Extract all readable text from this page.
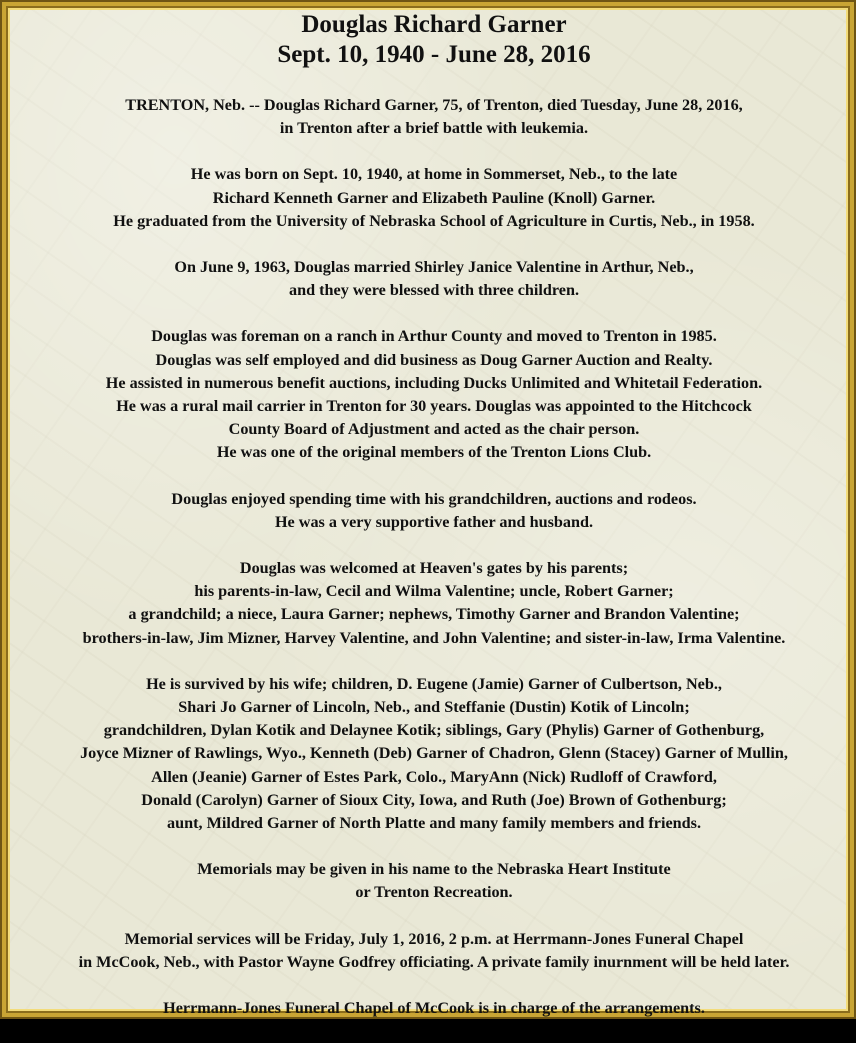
Douglas Richard Garner
Sept. 10, 1940 - June 28, 2016
TRENTON, Neb. -- Douglas Richard Garner, 75, of Trenton, died Tuesday, June 28, 2016,
in Trenton after a brief battle with leukemia.
He was born on Sept. 10, 1940, at home in Sommerset, Neb., to the late
Richard Kenneth Garner and Elizabeth Pauline (Knoll) Garner.
He graduated from the University of Nebraska School of Agriculture in Curtis, Neb., in 1958.
On June 9, 1963, Douglas married Shirley Janice Valentine in Arthur, Neb.,
and they were blessed with three children.
Douglas was foreman on a ranch in Arthur County and moved to Trenton in 1985.
Douglas was self employed and did business as Doug Garner Auction and Realty.
He assisted in numerous benefit auctions, including Ducks Unlimited and Whitetail Federation.
He was a rural mail carrier in Trenton for 30 years. Douglas was appointed to the Hitchcock
County Board of Adjustment and acted as the chair person.
He was one of the original members of the Trenton Lions Club.
Douglas enjoyed spending time with his grandchildren, auctions and rodeos.
He was a very supportive father and husband.
Douglas was welcomed at Heaven's gates by his parents;
his parents-in-law, Cecil and Wilma Valentine; uncle, Robert Garner;
a grandchild; a niece, Laura Garner; nephews, Timothy Garner and Brandon Valentine;
brothers-in-law, Jim Mizner, Harvey Valentine, and John Valentine; and sister-in-law, Irma Valentine.
He is survived by his wife; children, D. Eugene (Jamie) Garner of Culbertson, Neb.,
Shari Jo Garner of Lincoln, Neb., and Steffanie (Dustin) Kotik of Lincoln;
grandchildren, Dylan Kotik and Delaynee Kotik; siblings, Gary (Phylis) Garner of Gothenburg,
Joyce Mizner of Rawlings, Wyo., Kenneth (Deb) Garner of Chadron, Glenn (Stacey) Garner of Mullin,
Allen (Jeanie) Garner of Estes Park, Colo., MaryAnn (Nick) Rudloff of Crawford,
Donald (Carolyn) Garner of Sioux City, Iowa, and Ruth (Joe) Brown of Gothenburg;
aunt, Mildred Garner of North Platte and many family members and friends.
Memorials may be given in his name to the Nebraska Heart Institute
or Trenton Recreation.
Memorial services will be Friday, July 1, 2016, 2 p.m. at Herrmann-Jones Funeral Chapel
in McCook, Neb., with Pastor Wayne Godfrey officiating. A private family inurnment will be held later.
Herrmann-Jones Funeral Chapel of McCook is in charge of the arrangements.
